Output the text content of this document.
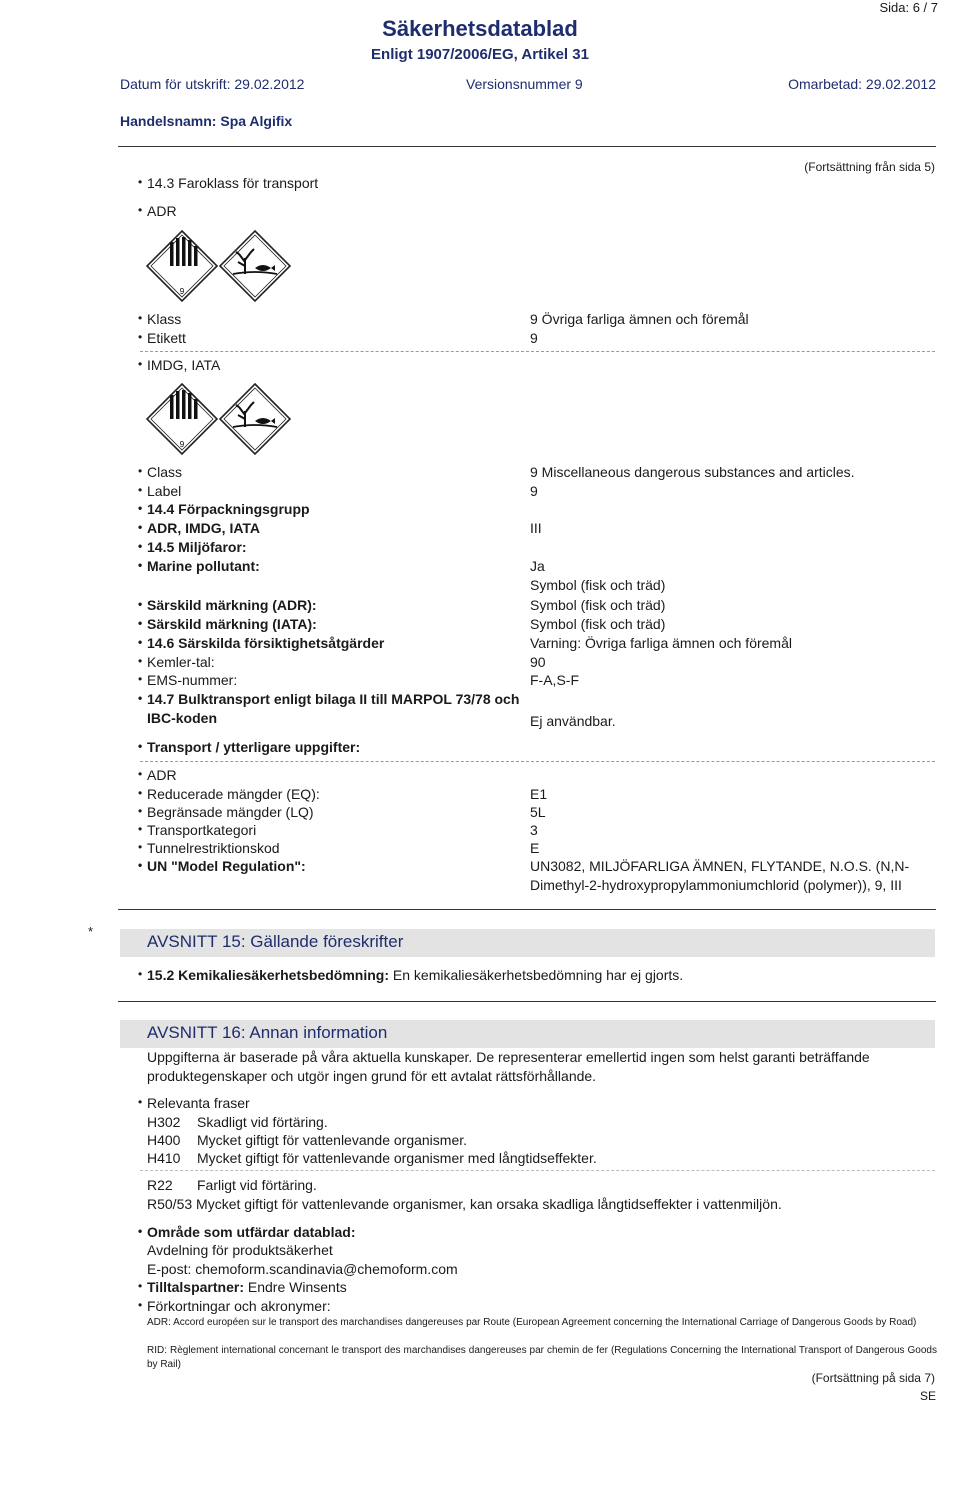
Sida: 6 / 7
Säkerhetsdatablad
Enligt 1907/2006/EG, Artikel 31
Datum för utskrift: 29.02.2012	Versionsnummer 9	Omarbetad: 29.02.2012
Handelsnamn: Spa Algifix
(Fortsättning från sida 5)
• 14.3 Faroklass för transport
• ADR
9
• Klass	9 Övriga farliga ämnen och föremål
• Etikett	9
• IMDG, IATA
9
• Class	9 Miscellaneous dangerous substances and articles.
• Label	9
• 14.4 Förpackningsgrupp
• ADR, IMDG, IATA	III
• 14.5 Miljöfaror:
• Marine pollutant:	Ja
Symbol (fisk och träd)
• Särskild märkning (ADR):	Symbol (fisk och träd)
• Särskild märkning (IATA):	Symbol (fisk och träd)
• 14.6 Särskilda försiktighetsåtgärder	Varning: Övriga farliga ämnen och föremål
• Kemler-tal:	90
• EMS-nummer:	F-A,S-F
• 14.7 Bulktransport enligt bilaga II till MARPOL 73/78 och
IBC-koden	Ej användbar.
• Transport / ytterligare uppgifter:
• ADR
• Reducerade mängder (EQ):	E1
• Begränsade mängder (LQ)	5L
• Transportkategori	3
• Tunnelrestriktionskod	E
• UN "Model Regulation":	UN3082, MILJÖFARLIGA ÄMNEN, FLYTANDE, N.O.S. (N,N-
Dimethyl-2-hydroxypropylammoniumchlorid (polymer)), 9, III
*
AVSNITT 15: Gällande föreskrifter
• 15.2 Kemikaliesäkerhetsbedömning: En kemikaliesäkerhetsbedömning har ej gjorts.
AVSNITT 16: Annan information
Uppgifterna är baserade på våra aktuella kunskaper. De representerar emellertid ingen som helst garanti beträffande
produktegenskaper och utgör ingen grund för ett avtalat rättsförhållande.
• Relevanta fraser
H302 Skadligt vid förtäring.
H400 Mycket giftigt för vattenlevande organismer.
H410 Mycket giftigt för vattenlevande organismer med långtidseffekter.
R22 Farligt vid förtäring.
R50/53 Mycket giftigt för vattenlevande organismer, kan orsaka skadliga långtidseffekter i vattenmiljön.
• Område som utfärdar datablad:
Avdelning för produktsäkerhet
E-post: chemoform.scandinavia@chemoform.com
• Tilltalspartner: Endre Winsents
• Förkortningar och akronymer:
ADR: Accord européen sur le transport des marchandises dangereuses par Route (European Agreement concerning the International Carriage of Dangerous Goods by Road)
RID: Règlement international concernant le transport des marchandises dangereuses par chemin de fer (Regulations Concerning the International Transport of Dangerous Goods by Rail)
(Fortsättning på sida 7)
SE
